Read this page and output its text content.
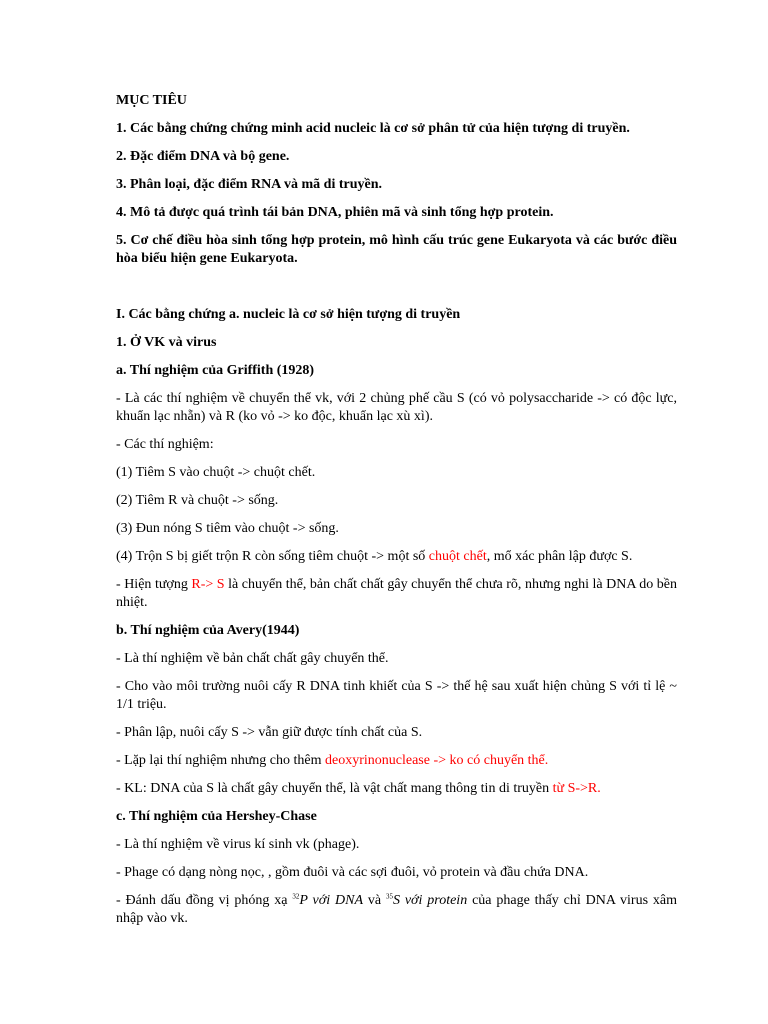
MỤC TIÊU

1. Các bằng chứng chứng minh acid nucleic là cơ sở phân tử của hiện tượng di truyền.

2. Đặc điểm DNA và bộ gene.

3. Phân loại, đặc điểm RNA và mã di truyền.

4. Mô tả được quá trình tái bản DNA, phiên mã và sinh tổng hợp protein.

5. Cơ chế điều hòa sinh tổng hợp protein, mô hình cấu trúc gene Eukaryota và các bước điều hòa biểu hiện gene Eukaryota.

I. Các bằng chứng a. nucleic là cơ sở hiện tượng di truyền

1. Ở VK và virus

a. Thí nghiệm của Griffith (1928)

- Là các thí nghiệm về chuyển thể vk, với 2 chủng phế cầu S (có vỏ polysaccharide -> có độc lực, khuẩn lạc nhẵn) và R (ko vỏ -> ko độc, khuẩn lạc xù xì).

- Các thí nghiệm:

(1) Tiêm S vào chuột -> chuột chết.

(2) Tiêm R và chuột -> sống.

(3) Đun nóng S tiêm vào chuột -> sống.

(4) Trộn S bị giết trộn R còn sống tiêm chuột -> một số chuột chết, mổ xác phân lập được S.

- Hiện tượng R-> S là chuyển thể, bản chất chất gây chuyển thể chưa rõ, nhưng nghi là DNA do bền nhiệt.

b. Thí nghiệm của Avery(1944)

- Là thí nghiệm về bản chất chất gây chuyển thể.

- Cho vào môi trường nuôi cấy R DNA tinh khiết của S -> thế hệ sau xuất hiện chủng S với tỉ lệ ~ 1/1 triệu.

- Phân lập, nuôi cấy S -> vẫn giữ được tính chất của S.

- Lặp lại thí nghiệm nhưng cho thêm deoxyrinonuclease -> ko có chuyển thể.

- KL: DNA của S là chất gây chuyển thể, là vật chất mang thông tin di truyền từ S->R.

c. Thí nghiệm của Hershey-Chase

- Là thí nghiệm về virus kí sinh vk (phage).

- Phage có dạng nòng nọc, , gồm đuôi và các sợi đuôi, vỏ protein và đầu chứa DNA.

- Đánh dấu đồng vị phóng xạ $^{32}$P với DNA và $^{35}$S với protein của phage thấy chỉ DNA virus xâm nhập vào vk.
